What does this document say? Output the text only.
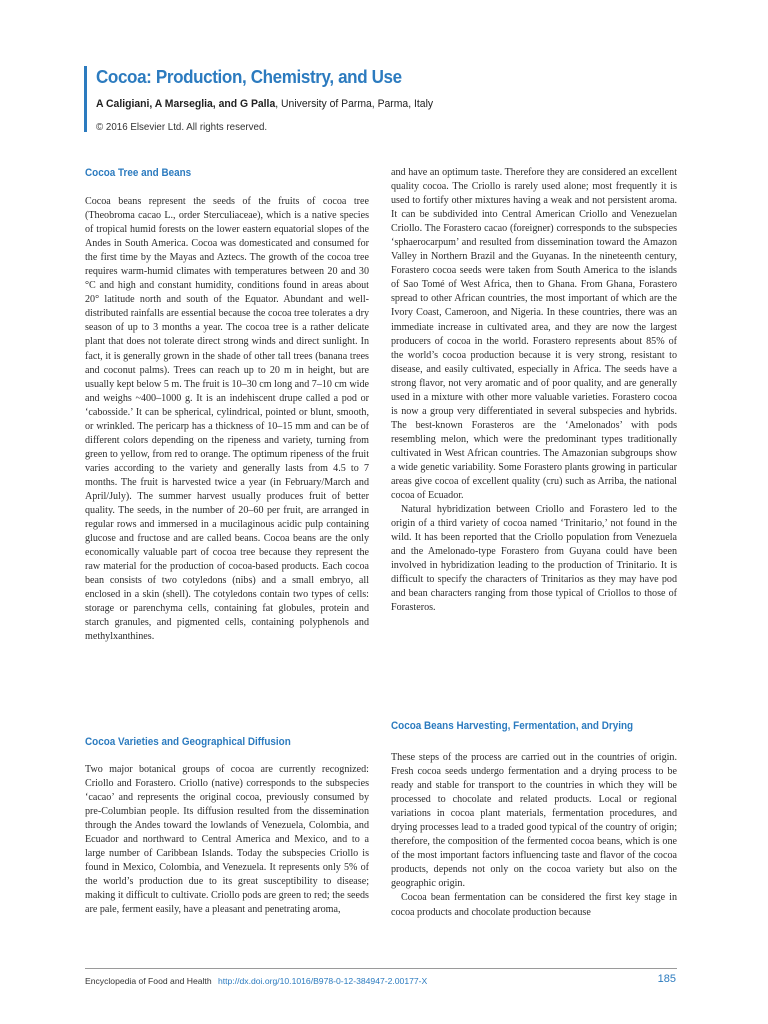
Cocoa: Production, Chemistry, and Use
A Caligiani, A Marseglia, and G Palla, University of Parma, Parma, Italy
© 2016 Elsevier Ltd. All rights reserved.
Cocoa Tree and Beans

Cocoa beans represent the seeds of the fruits of cocoa tree (Theobroma cacao L., order Sterculiaceae), which is a native species of tropical humid forests on the lower eastern equatorial slopes of the Andes in South America. Cocoa was domesticated and consumed for the first time by the Mayas and Aztecs. The growth of the cocoa tree requires warm-humid climates with temperatures between 20 and 30 °C and high and constant humidity, conditions found in areas about 20° latitude north and south of the Equator. Abundant and well-distributed rainfalls are essential because the cocoa tree tolerates a dry season of up to 3 months a year. The cocoa tree is a rather delicate plant that does not tolerate direct strong winds and direct sunlight. In fact, it is generally grown in the shade of other tall trees (banana trees and coconut palms). Trees can reach up to 20 m in height, but are usually kept below 5 m. The fruit is 10–30 cm long and 7–10 cm wide and weighs ~400–1000 g. It is an indehiscent drupe called a pod or ‘cabosside.’ It can be spherical, cylindrical, pointed or blunt, smooth, or wrinkled. The pericarp has a thickness of 10–15 mm and can be of different colors depending on the ripeness and variety, turning from green to yellow, from red to orange. The optimum ripeness of the fruit varies according to the variety and generally lasts from 4.5 to 7 months. The fruit is harvested twice a year (in February/March and April/July). The summer harvest usually produces fruit of better quality. The seeds, in the number of 20–60 per fruit, are arranged in regular rows and immersed in a mucilaginous acidic pulp containing glucose and fructose and are called beans. Cocoa beans are the only economically valuable part of cocoa tree because they represent the raw material for the production of cocoa-based products. Each cocoa bean consists of two cotyledons (nibs) and a small embryo, all enclosed in a skin (shell). The cotyledons contain two types of cells: storage or parenchyma cells, containing fat globules, protein and starch granules, and pigmented cells, containing polyphenols and methylxanthines.

Cocoa Varieties and Geographical Diffusion

Two major botanical groups of cocoa are currently recognized: Criollo and Forastero. Criollo (native) corresponds to the subspecies ‘cacao’ and represents the original cocoa, previously consumed by pre-Columbian people. Its diffusion resulted from the dissemination through the Andes toward the lowlands of Venezuela, Colombia, and Ecuador and northward to Central America and Mexico, and to a large number of Caribbean Islands. Today the subspecies Criollo is found in Mexico, Colombia, and Venezuela. It represents only 5% of the world’s production due to its great susceptibility to disease; making it difficult to cultivate. Criollo pods are green to red; the seeds are pale, ferment easily, have a pleasant and penetrating aroma,

and have an optimum taste. Therefore they are considered an excellent quality cocoa. The Criollo is rarely used alone; most frequently it is used to fortify other mixtures having a weak and not persistent aroma. It can be subdivided into Central American Criollo and Venezuelan Criollo. The Forastero cacao (foreigner) corresponds to the subspecies ‘sphaerocarpum’ and resulted from dissemination toward the Amazon Valley in Northern Brazil and the Guyanas. In the nineteenth century, Forastero cocoa seeds were taken from South America to the islands of Sao Tomé of West Africa, then to Ghana. From Ghana, Forastero spread to other African countries, the most important of which are the Ivory Coast, Cameroon, and Nigeria. In these countries, there was an immediate increase in cultivated area, and they are now the largest producers of cocoa in the world. Forastero represents about 85% of the world’s cocoa production because it is very strong, resistant to disease, and easily cultivated, especially in Africa. The seeds have a strong flavor, not very aromatic and of poor quality, and are generally used in a mixture with other more valuable varieties. Forastero cocoa is now a group very differentiated in several subspecies and hybrids. The best-known Forasteros are the ‘Amelonados’ with pods resembling melon, which were the predominant types traditionally cultivated in West African countries. The Amazonian subgroups show a wide genetic variability. Some Forastero plants growing in particular areas give cocoa of excellent quality (cru) such as Arriba, the national cocoa of Ecuador.

Natural hybridization between Criollo and Forastero led to the origin of a third variety of cocoa named ‘Trinitario,’ not found in the wild. It has been reported that the Criollo population from Venezuela and the Amelonado-type Forastero from Guyana could have been involved in hybridization leading to the production of Trinitario. It is difficult to specify the characters of Trinitarios as they may have pod and bean characters ranging from those typical of Criollos to those of Forasteros.

Cocoa Beans Harvesting, Fermentation, and Drying

These steps of the process are carried out in the countries of origin. Fresh cocoa seeds undergo fermentation and a drying process to be ready and stable for transport to the countries in which they will be processed to chocolate and related products. Local or regional variations in cocoa plant materials, fermentation procedures, and drying processes lead to a traded good typical of the country of origin; therefore, the composition of the fermented cocoa beans, which is one of the most important factors influencing taste and flavor of the cocoa products, depends not only on the cocoa variety but also on the geographic origin.

Cocoa bean fermentation can be considered the first key stage in cocoa products and chocolate production because

Encyclopedia of Food and Health http://dx.doi.org/10.1016/B978-0-12-384947-2.00177-X	185
